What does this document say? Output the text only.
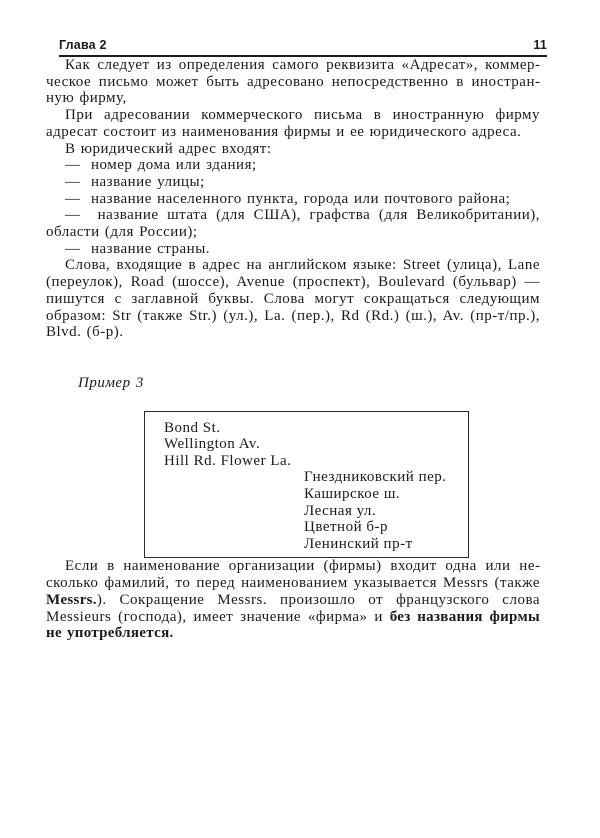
Глава 2	11

Как следует из определения самого реквизита «Адресат», коммерческое письмо может быть адресовано непосредственно в иностранную фирму,

При адресовании коммерческого письма в иностранную фирму адресат состоит из наименования фирмы и ее юридического адреса.

В юридический адрес входят:

—  номер дома или здания;

—  название улицы;

—  название населенного пункта, города или почтового района;

—  название штата (для США), графства (для Великобритании), области (для России);

—  название страны.

Слова, входящие в адрес на английском языке: Street (улица), Lane (переулок), Road (шоссе), Avenue (проспект), Boulevard (бульвар) — пишутся с заглавной буквы. Слова могут сокращаться следующим образом: Str (также Str.) (ул.), La. (пер.), Rd (Rd.) (ш.), Av. (пр-т/пр.), Blvd. (б-р).

Пример 3

Bond St.
Wellington Av.
Hill Rd. Flower La.
Гнездниковский пер.
Каширское ш.
Лесная ул.
Цветной б-р
Ленинский пр-т

Если в наименование организации (фирмы) входит одна или несколько фамилий, то перед наименованием указывается Messrs (также Messrs.). Сокращение Messrs. произошло от французского слова Messieurs (господа), имеет значение «фирма» и без названия фирмы не употребляется.
